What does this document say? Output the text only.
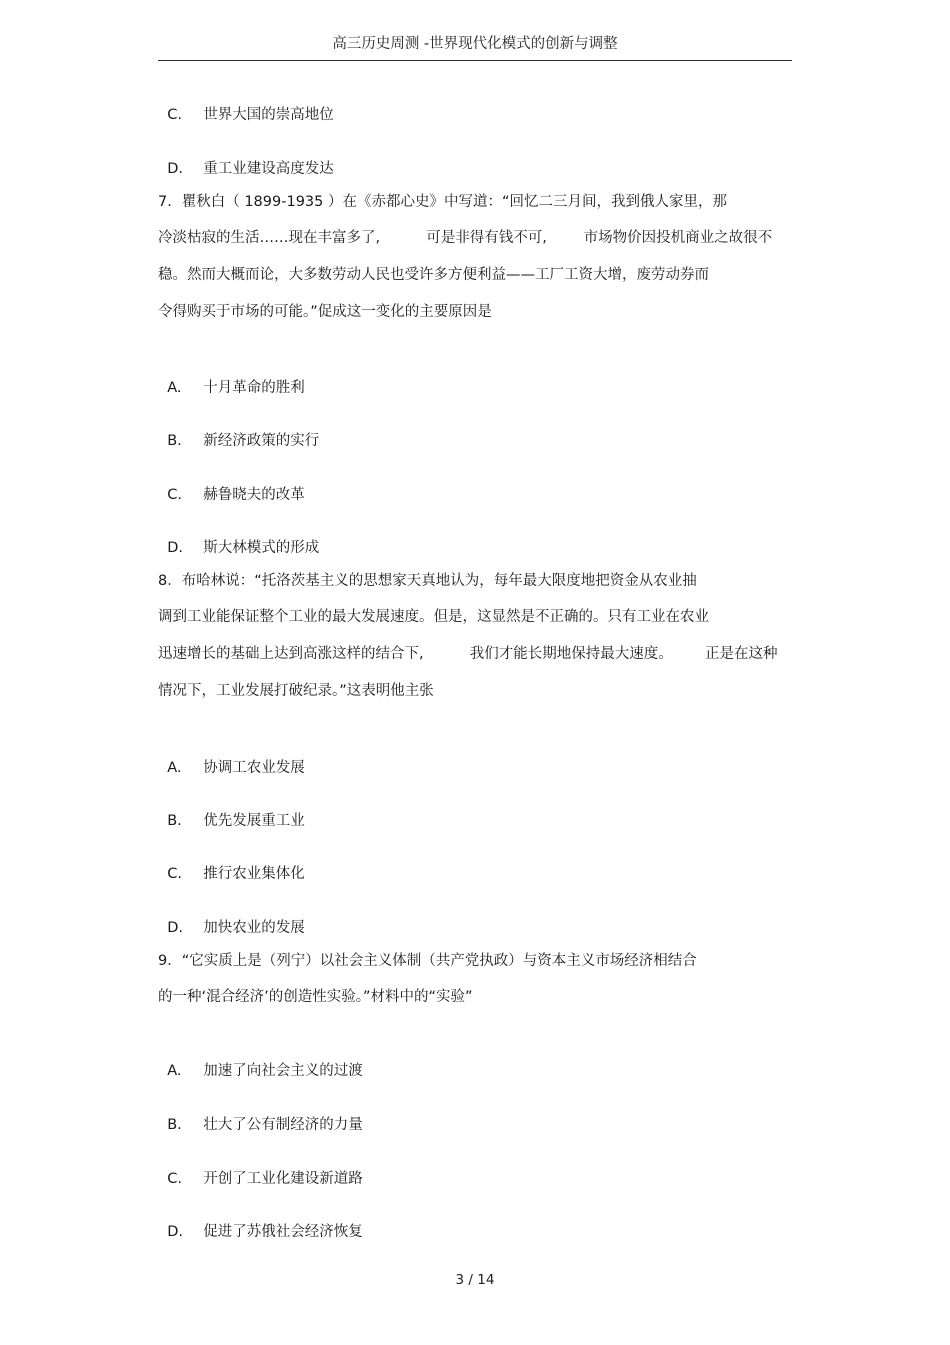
高三历史周测 -世界现代化模式的创新与调整

C. 世界大国的崇高地位

D. 重工业建设高度发达

7．瞿秋白（ 1899-1935 ）在《赤都心史》中写道：“回忆二三月间，我到俄人家里，那
冷淡枯寂的生活……现在丰富多了,          可是非得有钱不可,        市场物价因投机商业之故很不
稳。然而大概而论，大多数劳动人民也受许多方便利益——工厂工资大增，废劳动券而
令得购买于市场的可能。”促成这一变化的主要原因是

A. 十月革命的胜利

B. 新经济政策的实行

C. 赫鲁晓夫的改革

D. 斯大林模式的形成

8．布哈林说：“托洛茨基主义的思想家天真地认为，每年最大限度地把资金从农业抽
调到工业能保证整个工业的最大发展速度。但是，这显然是不正确的。只有工业在农业
迅速增长的基础上达到高涨这样的结合下,          我们才能长期地保持最大速度。       正是在这种
情况下，工业发展打破纪录。”这表明他主张

A. 协调工农业发展

B. 优先发展重工业

C. 推行农业集体化

D. 加快农业的发展

9．“它实质上是（列宁）以社会主义体制（共产党执政）与资本主义市场经济相结合
的一种‘混合经济’的创造性实验。”材料中的“实验”

A. 加速了向社会主义的过渡

B. 壮大了公有制经济的力量

C. 开创了工业化建设新道路

D. 促进了苏俄社会经济恢复

3 / 14
